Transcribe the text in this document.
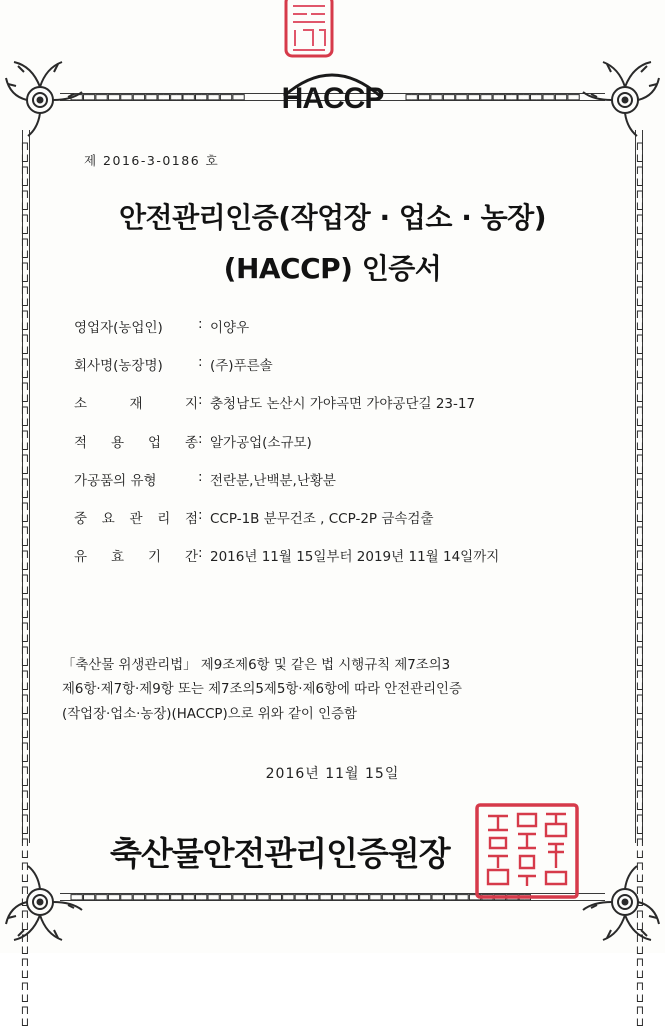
⊏⊐⊏⊐⊏⊐⊏⊐⊏⊐⊏⊐⊏⊐⊏⊐⊏⊐⊏⊐⊏⊐⊏⊐⊏⊐⊏⊐	⊏⊐⊏⊐⊏⊐⊏⊐⊏⊐⊏⊐⊏⊐⊏⊐⊏⊐⊏⊐⊏⊐⊏⊐⊏⊐⊏⊐
⊏⊐⊏⊐⊏⊐⊏⊐⊏⊐⊏⊐⊏⊐⊏⊐⊏⊐⊏⊐⊏⊐⊏⊐⊏⊐⊏⊐⊏⊐⊏⊐⊏⊐⊏⊐⊏⊐⊏⊐⊏⊐⊏⊐⊏⊐⊏⊐⊏⊐⊏⊐⊏⊐⊏⊐⊏⊐⊏⊐⊏⊐⊏⊐⊏⊐⊏⊐⊏⊐⊏⊐⊏⊐
⊓⊔⊓⊔⊓⊔⊓⊔⊓⊔⊓⊔⊓⊔⊓⊔⊓⊔⊓⊔⊓⊔⊓⊔⊓⊔⊓⊔⊓⊔⊓⊔⊓⊔⊓⊔⊓⊔⊓⊔⊓⊔⊓⊔⊓⊔⊓⊔⊓⊔⊓⊔⊓⊔⊓⊔⊓⊔⊓⊔⊓⊔⊓⊔⊓⊔⊓⊔⊓⊔⊓⊔⊓⊔
⊓⊔⊓⊔⊓⊔⊓⊔⊓⊔⊓⊔⊓⊔⊓⊔⊓⊔⊓⊔⊓⊔⊓⊔⊓⊔⊓⊔⊓⊔⊓⊔⊓⊔⊓⊔⊓⊔⊓⊔⊓⊔⊓⊔⊓⊔⊓⊔⊓⊔⊓⊔⊓⊔⊓⊔⊓⊔⊓⊔⊓⊔⊓⊔⊓⊔⊓⊔⊓⊔⊓⊔⊓⊔
HACCP
제 2016-3-0186 호
안전관리인증(작업장 · 업소 · 농장)
(HACCP) 인증서
영업자(농업인)	: 이양우
회사명(농장명)	: (주)푸른솔
소	재	지 : 충청남도 논산시 가야곡면 가야공단길 23-17
적 용 업 종 : 알가공업(소규모)
가공품의 유형	: 전란분,난백분,난황분
중 요 관 리 점 : CCP-1B 분무건조 , CCP-2P 금속검출
유 효 기 간 : 2016년 11월 15일부터 2019년 11월 14일까지
「축산물 위생관리법」 제9조제6항 및 같은 법 시행규칙 제7조의3
제6항·제7항·제9항 또는 제7조의5제5항·제6항에 따라 안전관리인증
(작업장·업소·농장)(HACCP)으로 위와 같이 인증함
2016년 11월 15일
축산물안전관리인증원장
